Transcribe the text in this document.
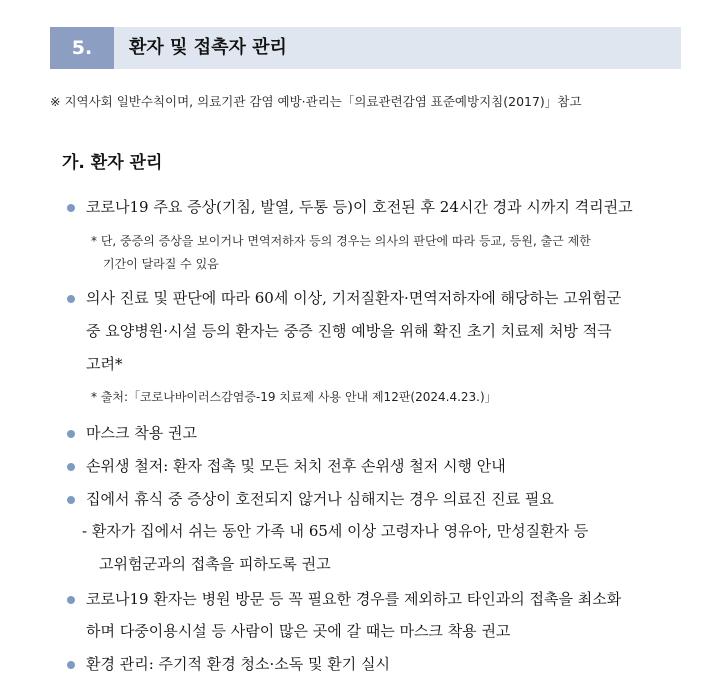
5.	환자 및 접촉자 관리
※ 지역사회 일반수칙이며, 의료기관 감염 예방·관리는「의료관련감염 표준예방지침(2017)」참고
가. 환자 관리
코로나19 주요 증상(기침, 발열, 두통 등)이 호전된 후 24시간 경과 시까지 격리권고
* 단, 중증의 증상을 보이거나 면역저하자 등의 경우는 의사의 판단에 따라 등교, 등원, 출근 제한
기간이 달라질 수 있음
의사 진료 및 판단에 따라 60세 이상, 기저질환자·면역저하자에 해당하는 고위험군
중 요양병원·시설 등의 환자는 중증 진행 예방을 위해 확진 초기 치료제 처방 적극
고려*
* 출처:「코로나바이러스감염증-19 치료제 사용 안내 제12판(2024.4.23.)」
마스크 착용 권고
손위생 철저: 환자 접촉 및 모든 처치 전후 손위생 철저 시행 안내
집에서 휴식 중 증상이 호전되지 않거나 심해지는 경우 의료진 진료 필요
- 환자가 집에서 쉬는 동안 가족 내 65세 이상 고령자나 영유아, 만성질환자 등
고위험군과의 접촉을 피하도록 권고
코로나19 환자는 병원 방문 등 꼭 필요한 경우를 제외하고 타인과의 접촉을 최소화
하며 다중이용시설 등 사람이 많은 곳에 갈 때는 마스크 착용 권고
환경 관리: 주기적 환경 청소·소독 및 환기 실시
